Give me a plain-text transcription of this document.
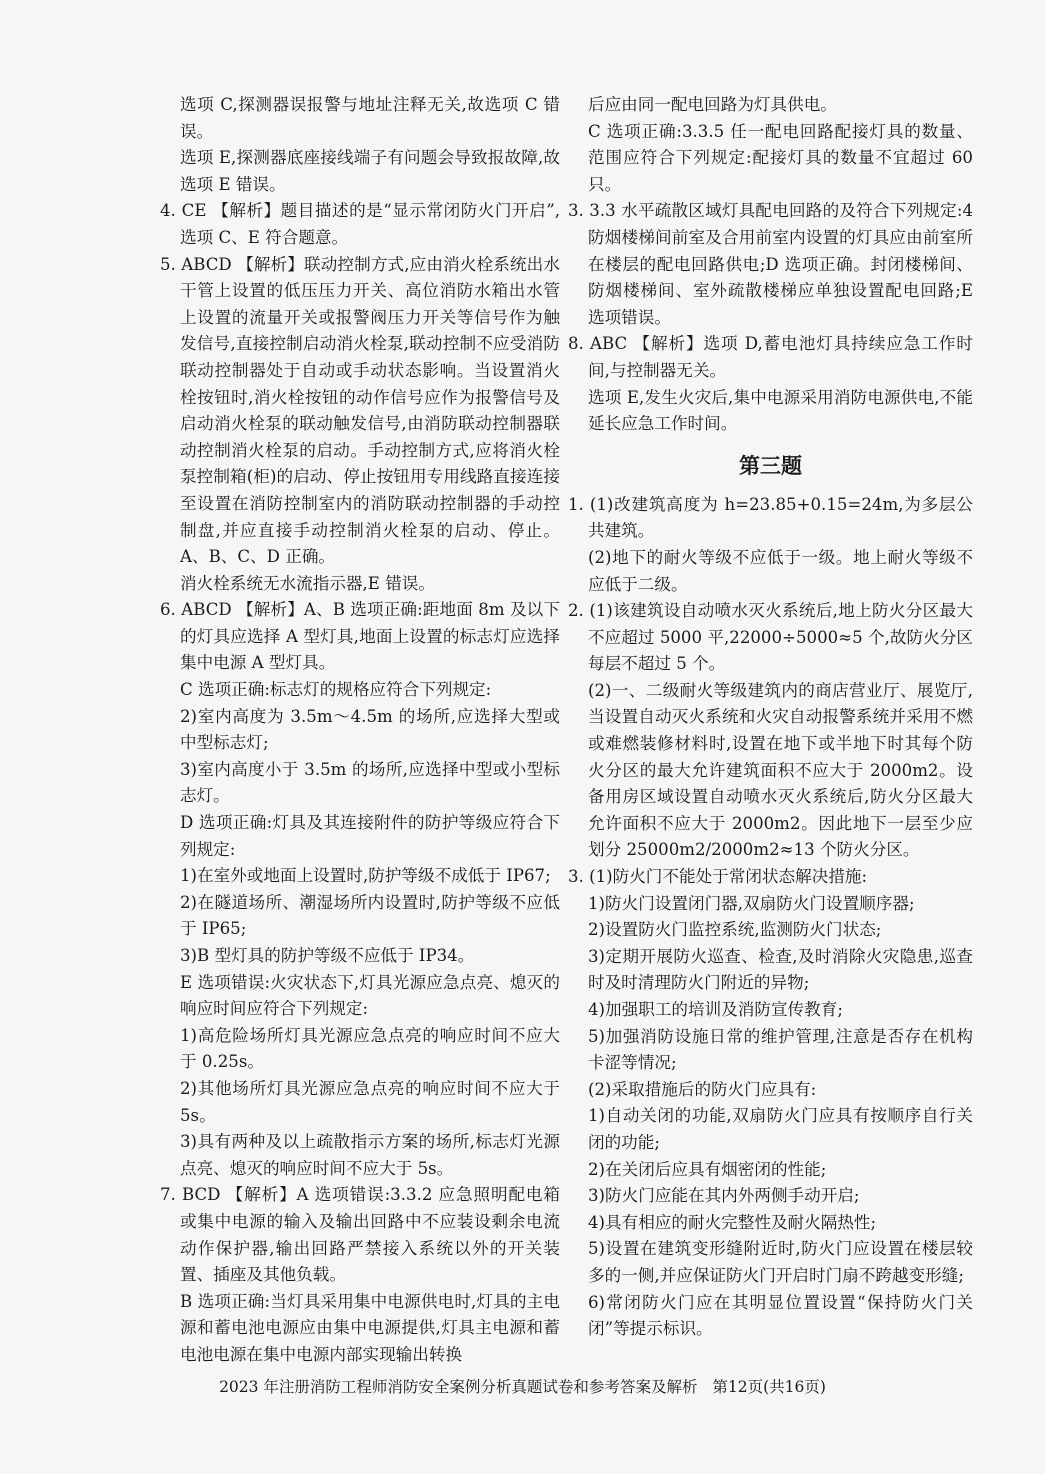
选项 C,探测器误报警与地址注释无关,故选项 C 错误。

选项 E,探测器底座接线端子有问题会导致报故障,故选项 E 错误。

4. CE 【解析】题目描述的是“显示常闭防火门开启”,选项 C、E 符合题意。

5. ABCD 【解析】联动控制方式,应由消火栓系统出水干管上设置的低压压力开关、高位消防水箱出水管上设置的流量开关或报警阀压力开关等信号作为触发信号,直接控制启动消火栓泵,联动控制不应受消防联动控制器处于自动或手动状态影响。当设置消火栓按钮时,消火栓按钮的动作信号应作为报警信号及启动消火栓泵的联动触发信号,由消防联动控制器联动控制消火栓泵的启动。手动控制方式,应将消火栓泵控制箱(柜)的启动、停止按钮用专用线路直接连接至设置在消防控制室内的消防联动控制器的手动控制盘,并应直接手动控制消火栓泵的启动、停止。A、B、C、D 正确。

消火栓系统无水流指示器,E 错误。

6. ABCD 【解析】A、B 选项正确:距地面 8m 及以下的灯具应选择 A 型灯具,地面上设置的标志灯应选择集中电源 A 型灯具。

C 选项正确:标志灯的规格应符合下列规定:

2)室内高度为 3.5m～4.5m 的场所,应选择大型或中型标志灯;

3)室内高度小于 3.5m 的场所,应选择中型或小型标志灯。

D 选项正确:灯具及其连接附件的防护等级应符合下列规定:

1)在室外或地面上设置时,防护等级不成低于 IP67;

2)在隧道场所、潮湿场所内设置时,防护等级不应低于 IP65;

3)B 型灯具的防护等级不应低于 IP34。

E 选项错误:火灾状态下,灯具光源应急点亮、熄灭的响应时间应符合下列规定:

1)高危险场所灯具光源应急点亮的响应时间不应大于 0.25s。

2)其他场所灯具光源应急点亮的响应时间不应大于 5s。

3)具有两种及以上疏散指示方案的场所,标志灯光源点亮、熄灭的响应时间不应大于 5s。

7. BCD 【解析】A 选项错误:3.3.2 应急照明配电箱或集中电源的输入及输出回路中不应装设剩余电流动作保护器,输出回路严禁接入系统以外的开关装置、插座及其他负载。

B 选项正确:当灯具采用集中电源供电时,灯具的主电源和蓄电池电源应由集中电源提供,灯具主电源和蓄电池电源在集中电源内部实现输出转换

后应由同一配电回路为灯具供电。

C 选项正确:3.3.5 任一配电回路配接灯具的数量、范围应符合下列规定:配接灯具的数量不宜超过 60 只。

3. 3.3 水平疏散区域灯具配电回路的及符合下列规定:4 防烟楼梯间前室及合用前室内设置的灯具应由前室所在楼层的配电回路供电;D 选项正确。封闭楼梯间、防烟楼梯间、室外疏散楼梯应单独设置配电回路;E 选项错误。

8. ABC 【解析】选项 D,蓄电池灯具持续应急工作时间,与控制器无关。

选项 E,发生火灾后,集中电源采用消防电源供电,不能延长应急工作时间。

第三题

1. (1)改建筑高度为 h=23.85+0.15=24m,为多层公共建筑。

(2)地下的耐火等级不应低于一级。地上耐火等级不应低于二级。

2. (1)该建筑设自动喷水灭火系统后,地上防火分区最大不应超过 5000 平,22000÷5000≈5 个,故防火分区每层不超过 5 个。

(2)一、二级耐火等级建筑内的商店营业厅、展览厅,当设置自动灭火系统和火灾自动报警系统并采用不燃或难燃装修材料时,设置在地下或半地下时其每个防火分区的最大允许建筑面积不应大于 2000m2。设备用房区域设置自动喷水灭火系统后,防火分区最大允许面积不应大于 2000m2。因此地下一层至少应划分 25000m2/2000m2≈13 个防火分区。

3. (1)防火门不能处于常闭状态解决措施:

1)防火门设置闭门器,双扇防火门设置顺序器;

2)设置防火门监控系统,监测防火门状态;

3)定期开展防火巡查、检查,及时消除火灾隐患,巡查时及时清理防火门附近的异物;

4)加强职工的培训及消防宣传教育;

5)加强消防设施日常的维护管理,注意是否存在机构卡涩等情况;

(2)采取措施后的防火门应具有:

1)自动关闭的功能,双扇防火门应具有按顺序自行关闭的功能;

2)在关闭后应具有烟密闭的性能;

3)防火门应能在其内外两侧手动开启;

4)具有相应的耐火完整性及耐火隔热性;

5)设置在建筑变形缝附近时,防火门应设置在楼层较多的一侧,并应保证防火门开启时门扇不跨越变形缝;

6)常闭防火门应在其明显位置设置“保持防火门关闭”等提示标识。

2023 年注册消防工程师消防安全案例分析真题试卷和参考答案及解析 第12页(共16页)
